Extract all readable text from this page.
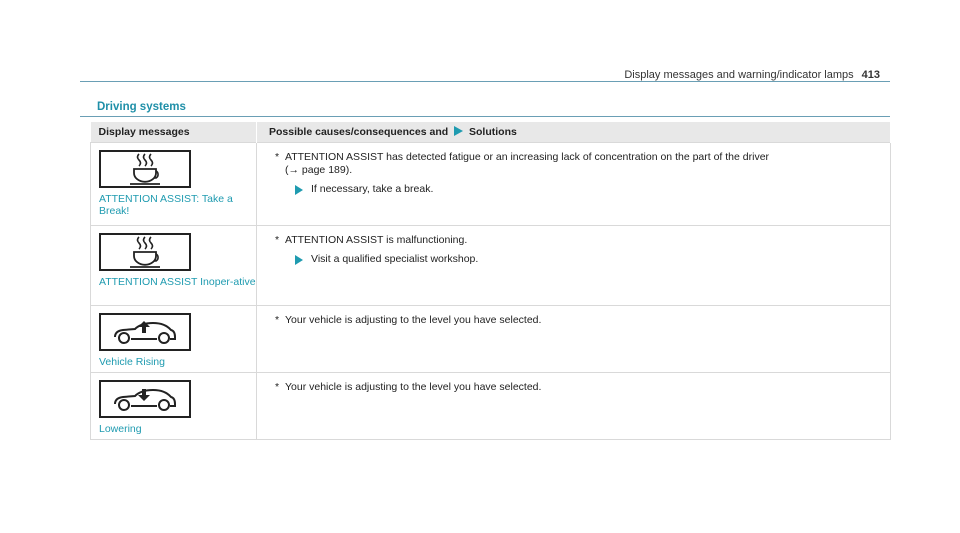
Display messages and warning/indicator lamps 413
Driving systems
Display messages	Possible causes/consequences and Solutions

ATTENTION ASSIST: Take a Break!	* ATTENTION ASSIST has detected fatigue or an increasing lack of concentration on the part of the driver
(→ page 189).
If necessary, take a break.

ATTENTION ASSIST Inoper-ative	* ATTENTION ASSIST is malfunctioning.
Visit a qualified specialist workshop.

Vehicle Rising	* Your vehicle is adjusting to the level you have selected.

Lowering	* Your vehicle is adjusting to the level you have selected.
